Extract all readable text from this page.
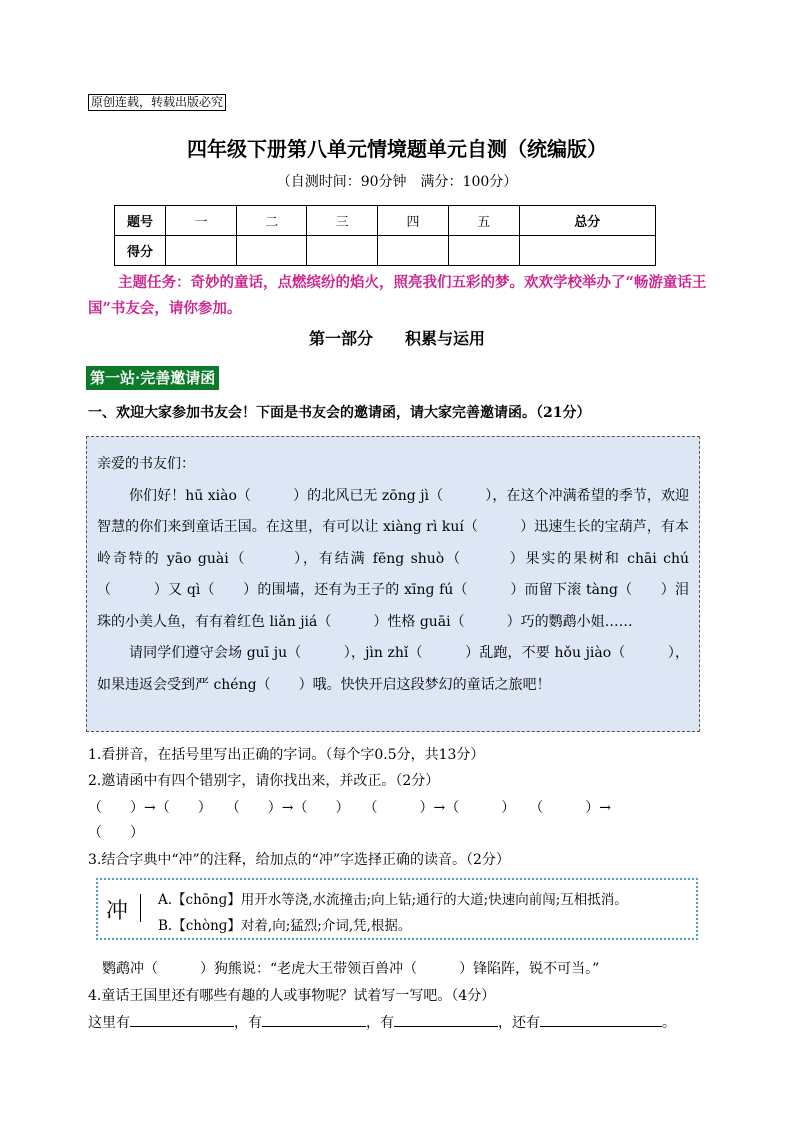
原创连载，转载出版必究
四年级下册第八单元情境题单元自测（统编版）
（自测时间：90分钟　满分：100分）
题号	一	二	三	四	五	总分
得分						
主题任务：奇妙的童话，点燃缤纷的焰火，照亮我们五彩的梦。欢欢学校举办了“畅游童话王国”书友会，请你参加。
第一部分　　积累与运用
第一站·完善邀请函
一、欢迎大家参加书友会！下面是书友会的邀请函，请大家完善邀请函。（21分）

亲爱的书友们：

你们好！hū xiào（　　　）的北风已无 zōng jì（　　　），在这个冲满希望的季节，欢迎智慧的你们来到童话王国。在这里，有可以让 xiànɡ rì kuí（　　　）迅速生长的宝葫芦，有本岭奇特的 yāo guài（　　　），有结满 fēng shuò（　　　）果实的果树和 chāi chú（　　　）又 qì（　　）的围墙，还有为王子的 xīnɡ fú（　　　）而留下滚 tàng（　　）泪珠的小美人鱼，有有着红色 liǎn jiá（　　　）性格 guāi（　　　）巧的鹦鹉小姐……

请同学们遵守会场 guī ju（　　　），jìn zhǐ（　　　）乱跑，不要 hǒu jiào（　　　），如果违返会受到严 chéng（　　）哦。快快开启这段梦幻的童话之旅吧！

1.看拼音，在括号里写出正确的字词。（每个字0.5分，共13分）
2.邀请函中有四个错别字，请你找出来，并改正。（2分）
（　　）→（　　）　　（　　）→（　　）　　（　　　）→（　　　）　　（　　　）→
（　　）
3.结合字典中“冲”的注释，给加点的“冲”字选择正确的读音。（2分）
冲 A.【chōnɡ】用开水等浇,水流撞击;向上钻;通行的大道;快速向前闯;互相抵消。
B.【chònɡ】对着,向;猛烈;介词,凭,根据。
鹦鹉冲（　　　）狗熊说：“老虎大王带领百兽冲（　　　）锋陷阵，锐不可当。”
4.童话王国里还有哪些有趣的人或事物呢？试着写一写吧。（4分）
这里有	，有	，有	，还有	。
